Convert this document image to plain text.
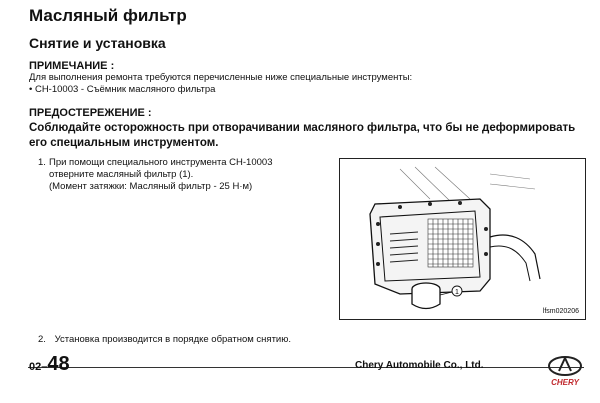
Масляный фильтр
Снятие и установка
ПРИМЕЧАНИЕ :
Для выполнения ремонта требуются перечисленные ниже специальные инструменты:
• CH-10003 - Съёмник масляного фильтра
ПРЕДОСТЕРЕЖЕНИЕ :
Соблюдайте осторожность при отворачивании масляного фильтра, что бы не деформировать его специальным инструментом.
1. При помощи специального инструмента CH-10003
отверните масляный фильтр (1).
(Момент затяжки: Масляный фильтр - 25 Н·м)
1
lfsm020206
2. Установка производится в порядке обратном снятию.
02–48	Chery Automobile Co., Ltd.
CHERY
